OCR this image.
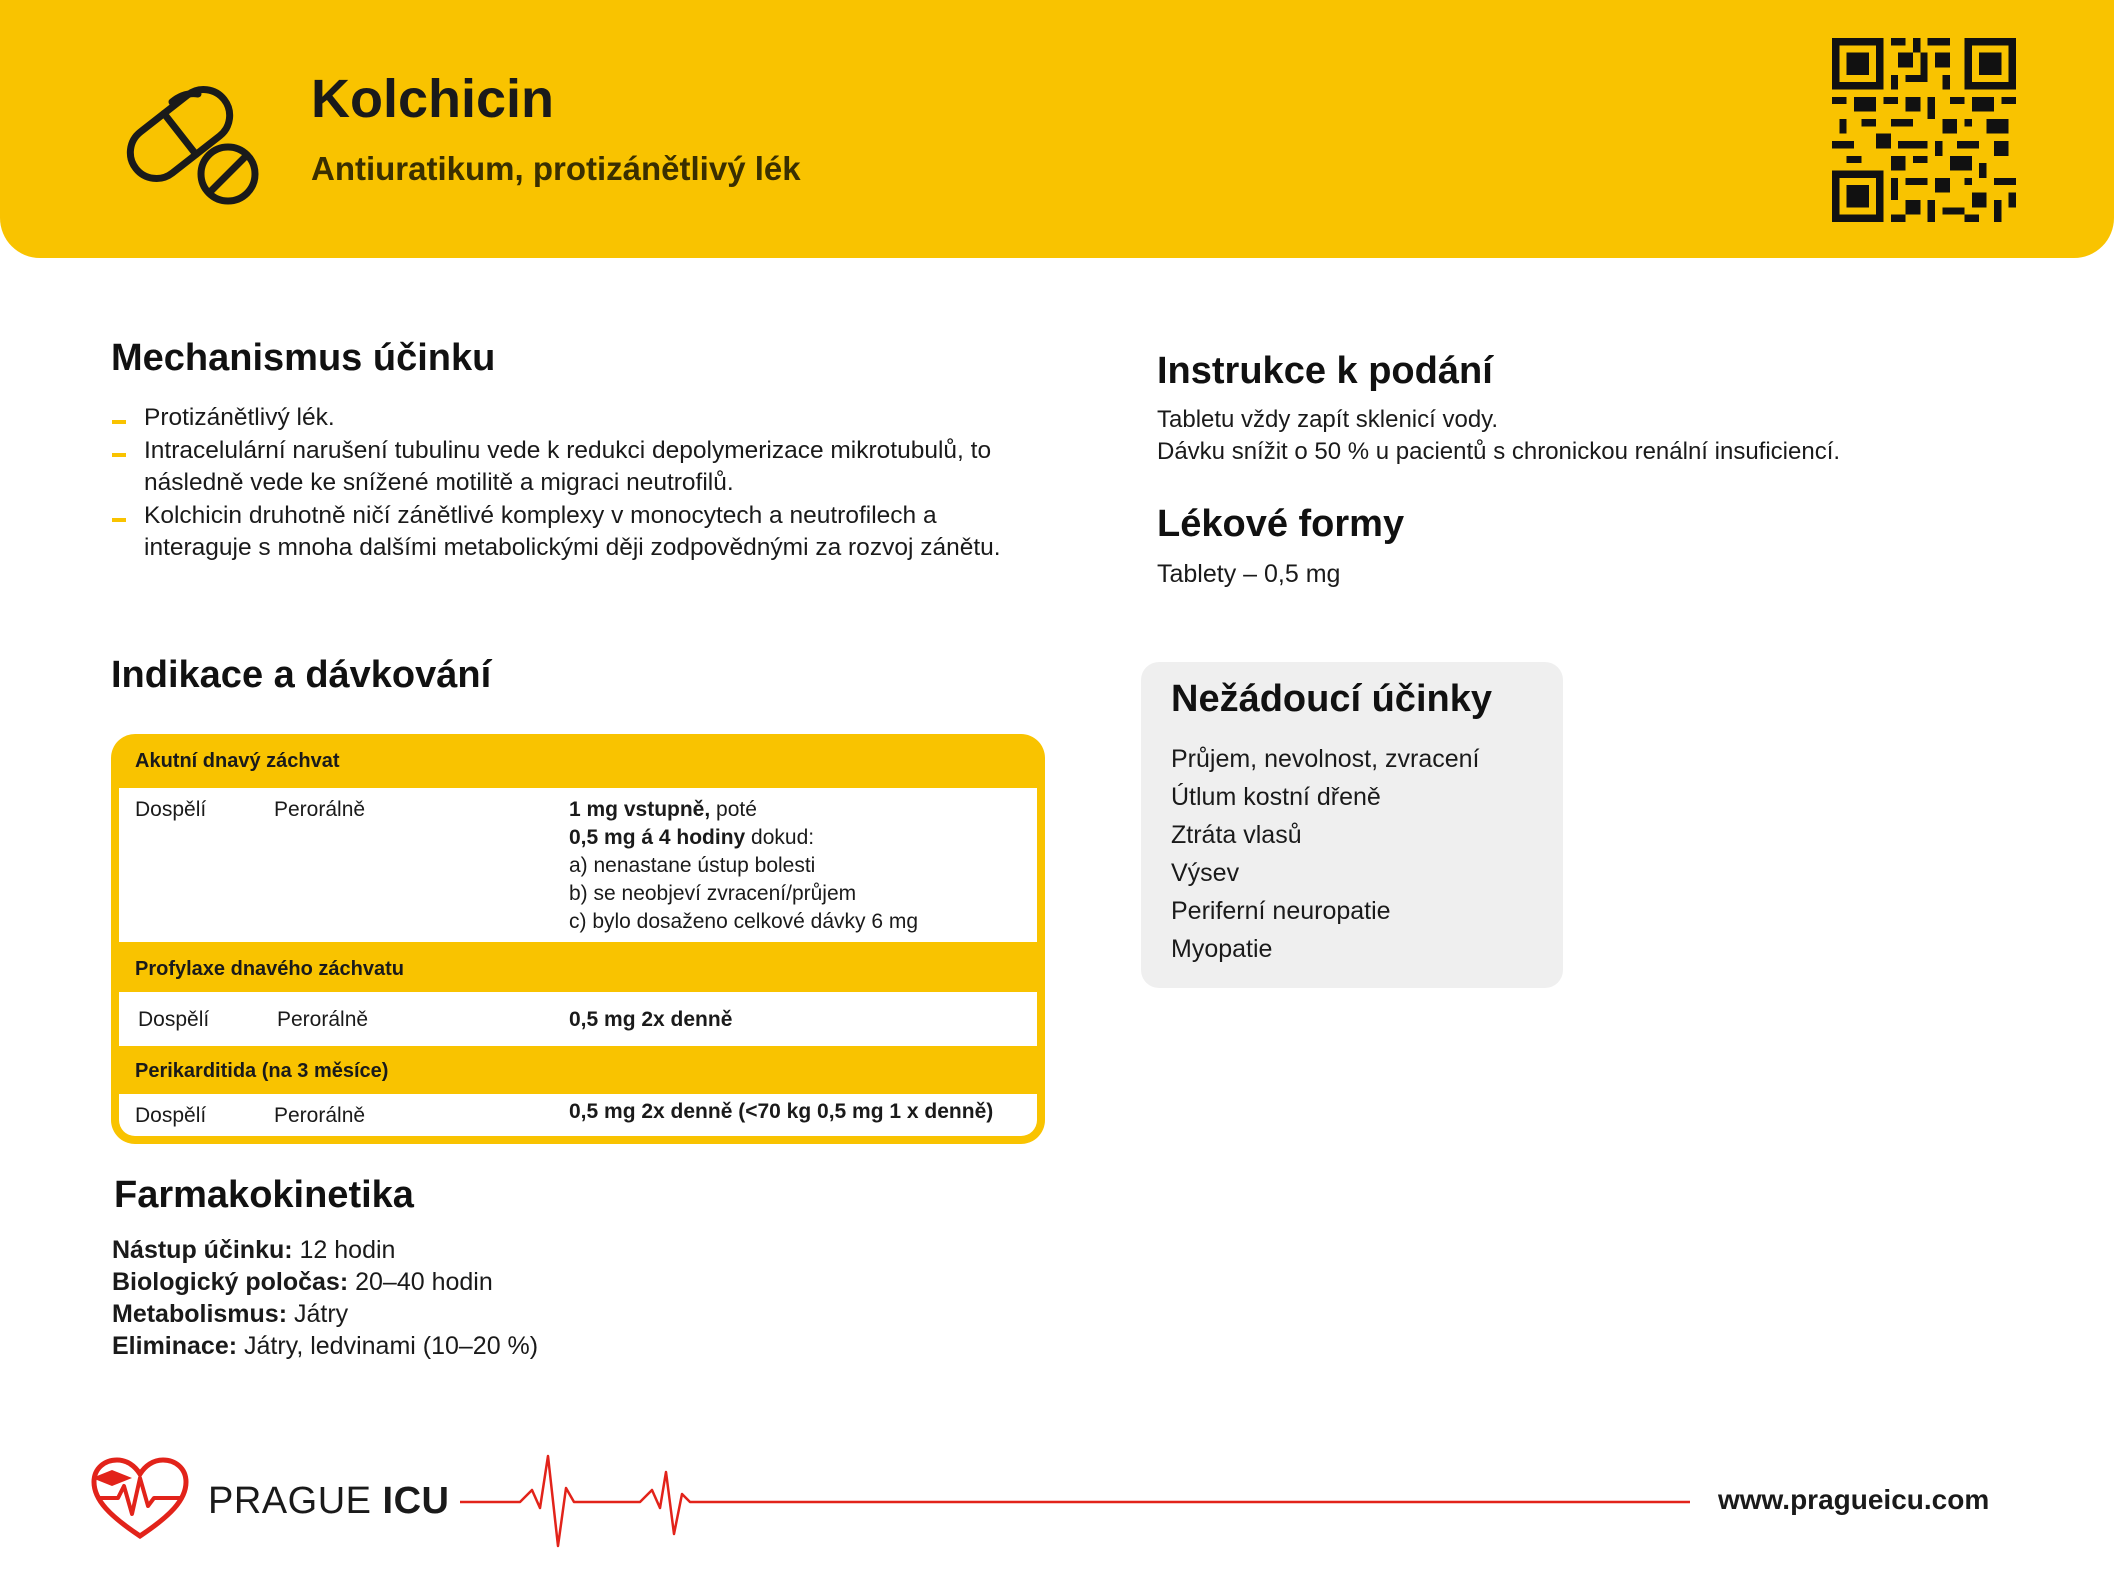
Kolchicin
Antiuratikum, protizánětlivý lék
Mechanismus účinku
Protizánětlivý lék.
Intracelulární narušení tubulinu vede k redukci depolymerizace mikrotubulů, to následně vede ke snížené motilitě a migraci neutrofilů.
Kolchicin druhotně ničí zánětlivé komplexy v monocytech a neutrofilech a interaguje s mnoha dalšími metabolickými ději zodpovědnými za rozvoj zánětu.
Indikace a dávkování
Akutní dnavý záchvat
Dospělí	Perorálně	1 mg vstupně, poté
0,5 mg á 4 hodiny dokud:
a) nenastane ústup bolesti
b) se neobjeví zvracení/průjem
c) bylo dosaženo celkové dávky 6 mg
Profylaxe dnavého záchvatu
Dospělí	Perorálně	0,5 mg 2x denně
Perikarditida (na 3 měsíce)
Dospělí	Perorálně	0,5 mg 2x denně (<70 kg 0,5 mg 1 x denně)
Farmakokinetika
Nástup účinku: 12 hodin
Biologický poločas: 20–40 hodin
Metabolismus: Játry
Eliminace: Játry, ledvinami (10–20 %)
Instrukce k podání
Tabletu vždy zapít sklenicí vody.
Dávku snížit o 50 % u pacientů s chronickou renální insuficiencí.
Lékové formy
Tablety – 0,5 mg
Nežádoucí účinky
Průjem, nevolnost, zvracení
Útlum kostní dřeně
Ztráta vlasů
Výsev
Periferní neuropatie
Myopatie
PRAGUE ICU	www.pragueicu.com
